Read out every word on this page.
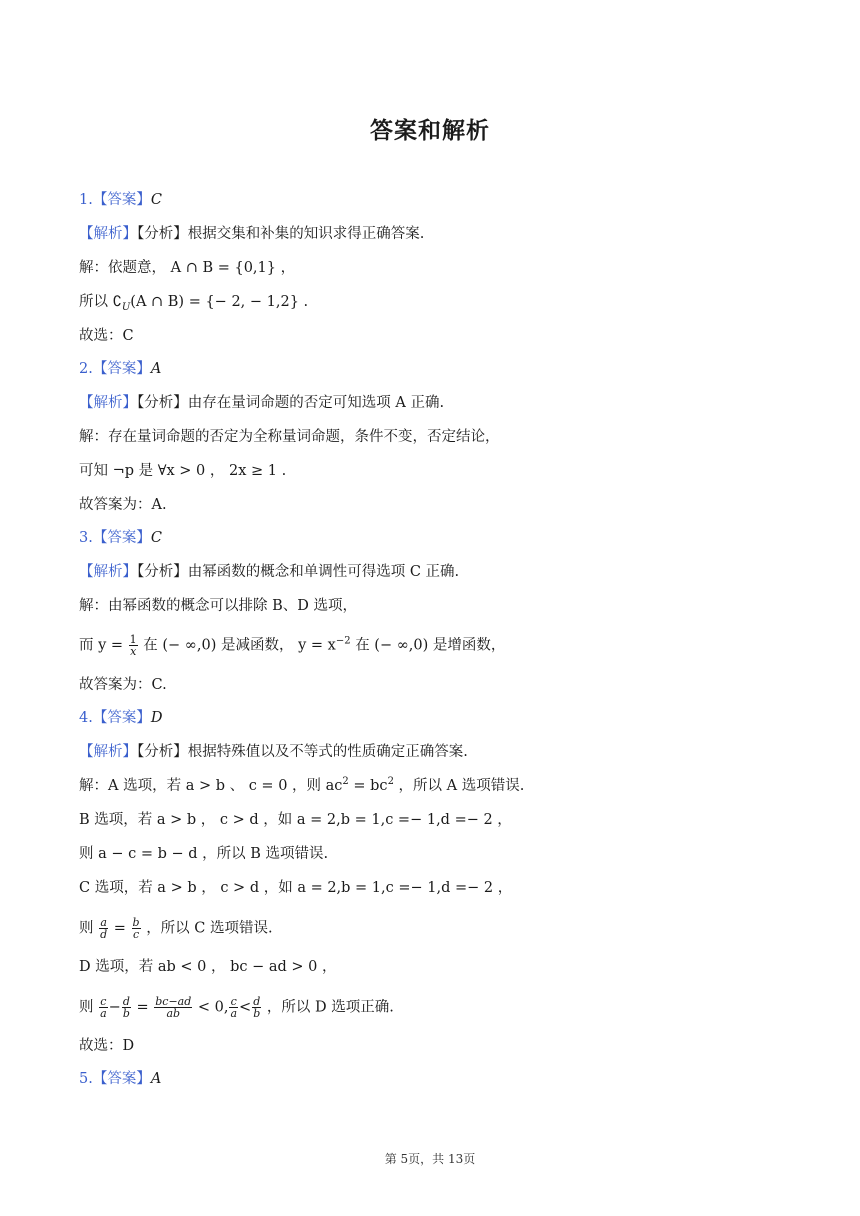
答案和解析
1.【答案】C
【解析】【分析】根据交集和补集的知识求得正确答案.
解：依题意， A ∩ B = {0,1} ，
所以 $∁_U(A$ ∩ B) = {− 2, − 1,2} .
故选：C
2.【答案】A
【解析】【分析】由存在量词命题的否定可知选项 A 正确.
解：存在量词命题的否定为全称量词命题，条件不变，否定结论，
可知 ¬p 是 ∀x > 0 ， 2x ≥ 1 .
故答案为：A.
3.【答案】C
【解析】【分析】由幂函数的概念和单调性可得选项 C 正确.
解：由幂函数的概念可以排除 B、D 选项，
而 $y = \frac{1}{x}$ 在 (− ∞,0) 是减函数， $y = x^{-2}$ 在 (− ∞,0) 是增函数，
故答案为：C.
4.【答案】D
【解析】【分析】根据特殊值以及不等式的性质确定正确答案.
解：A 选项，若 a > b 、 c = 0 ，则 $ac^2 = bc^2$ ，所以 A 选项错误.
B 选项，若 a > b ， c > d ，如 a = 2,b = 1,c =− 1,d =− 2 ，
则 a − c = b − d ，所以 B 选项错误.
C 选项，若 a > b ， c > d ，如 a = 2,b = 1,c =− 1,d =− 2 ，
则 $\frac{a}{d} = \frac{b}{c}$ ，所以 C 选项错误.
D 选项，若 ab < 0 ， bc − ad > 0 ，
则 $\frac{c}{a} - \frac{d}{b} = \frac{bc-ad}{ab} < 0$, $\frac{c}{a} < \frac{d}{b}$ ，所以 D 选项正确.
故选：D
5.【答案】A
第 5页，共 13页
